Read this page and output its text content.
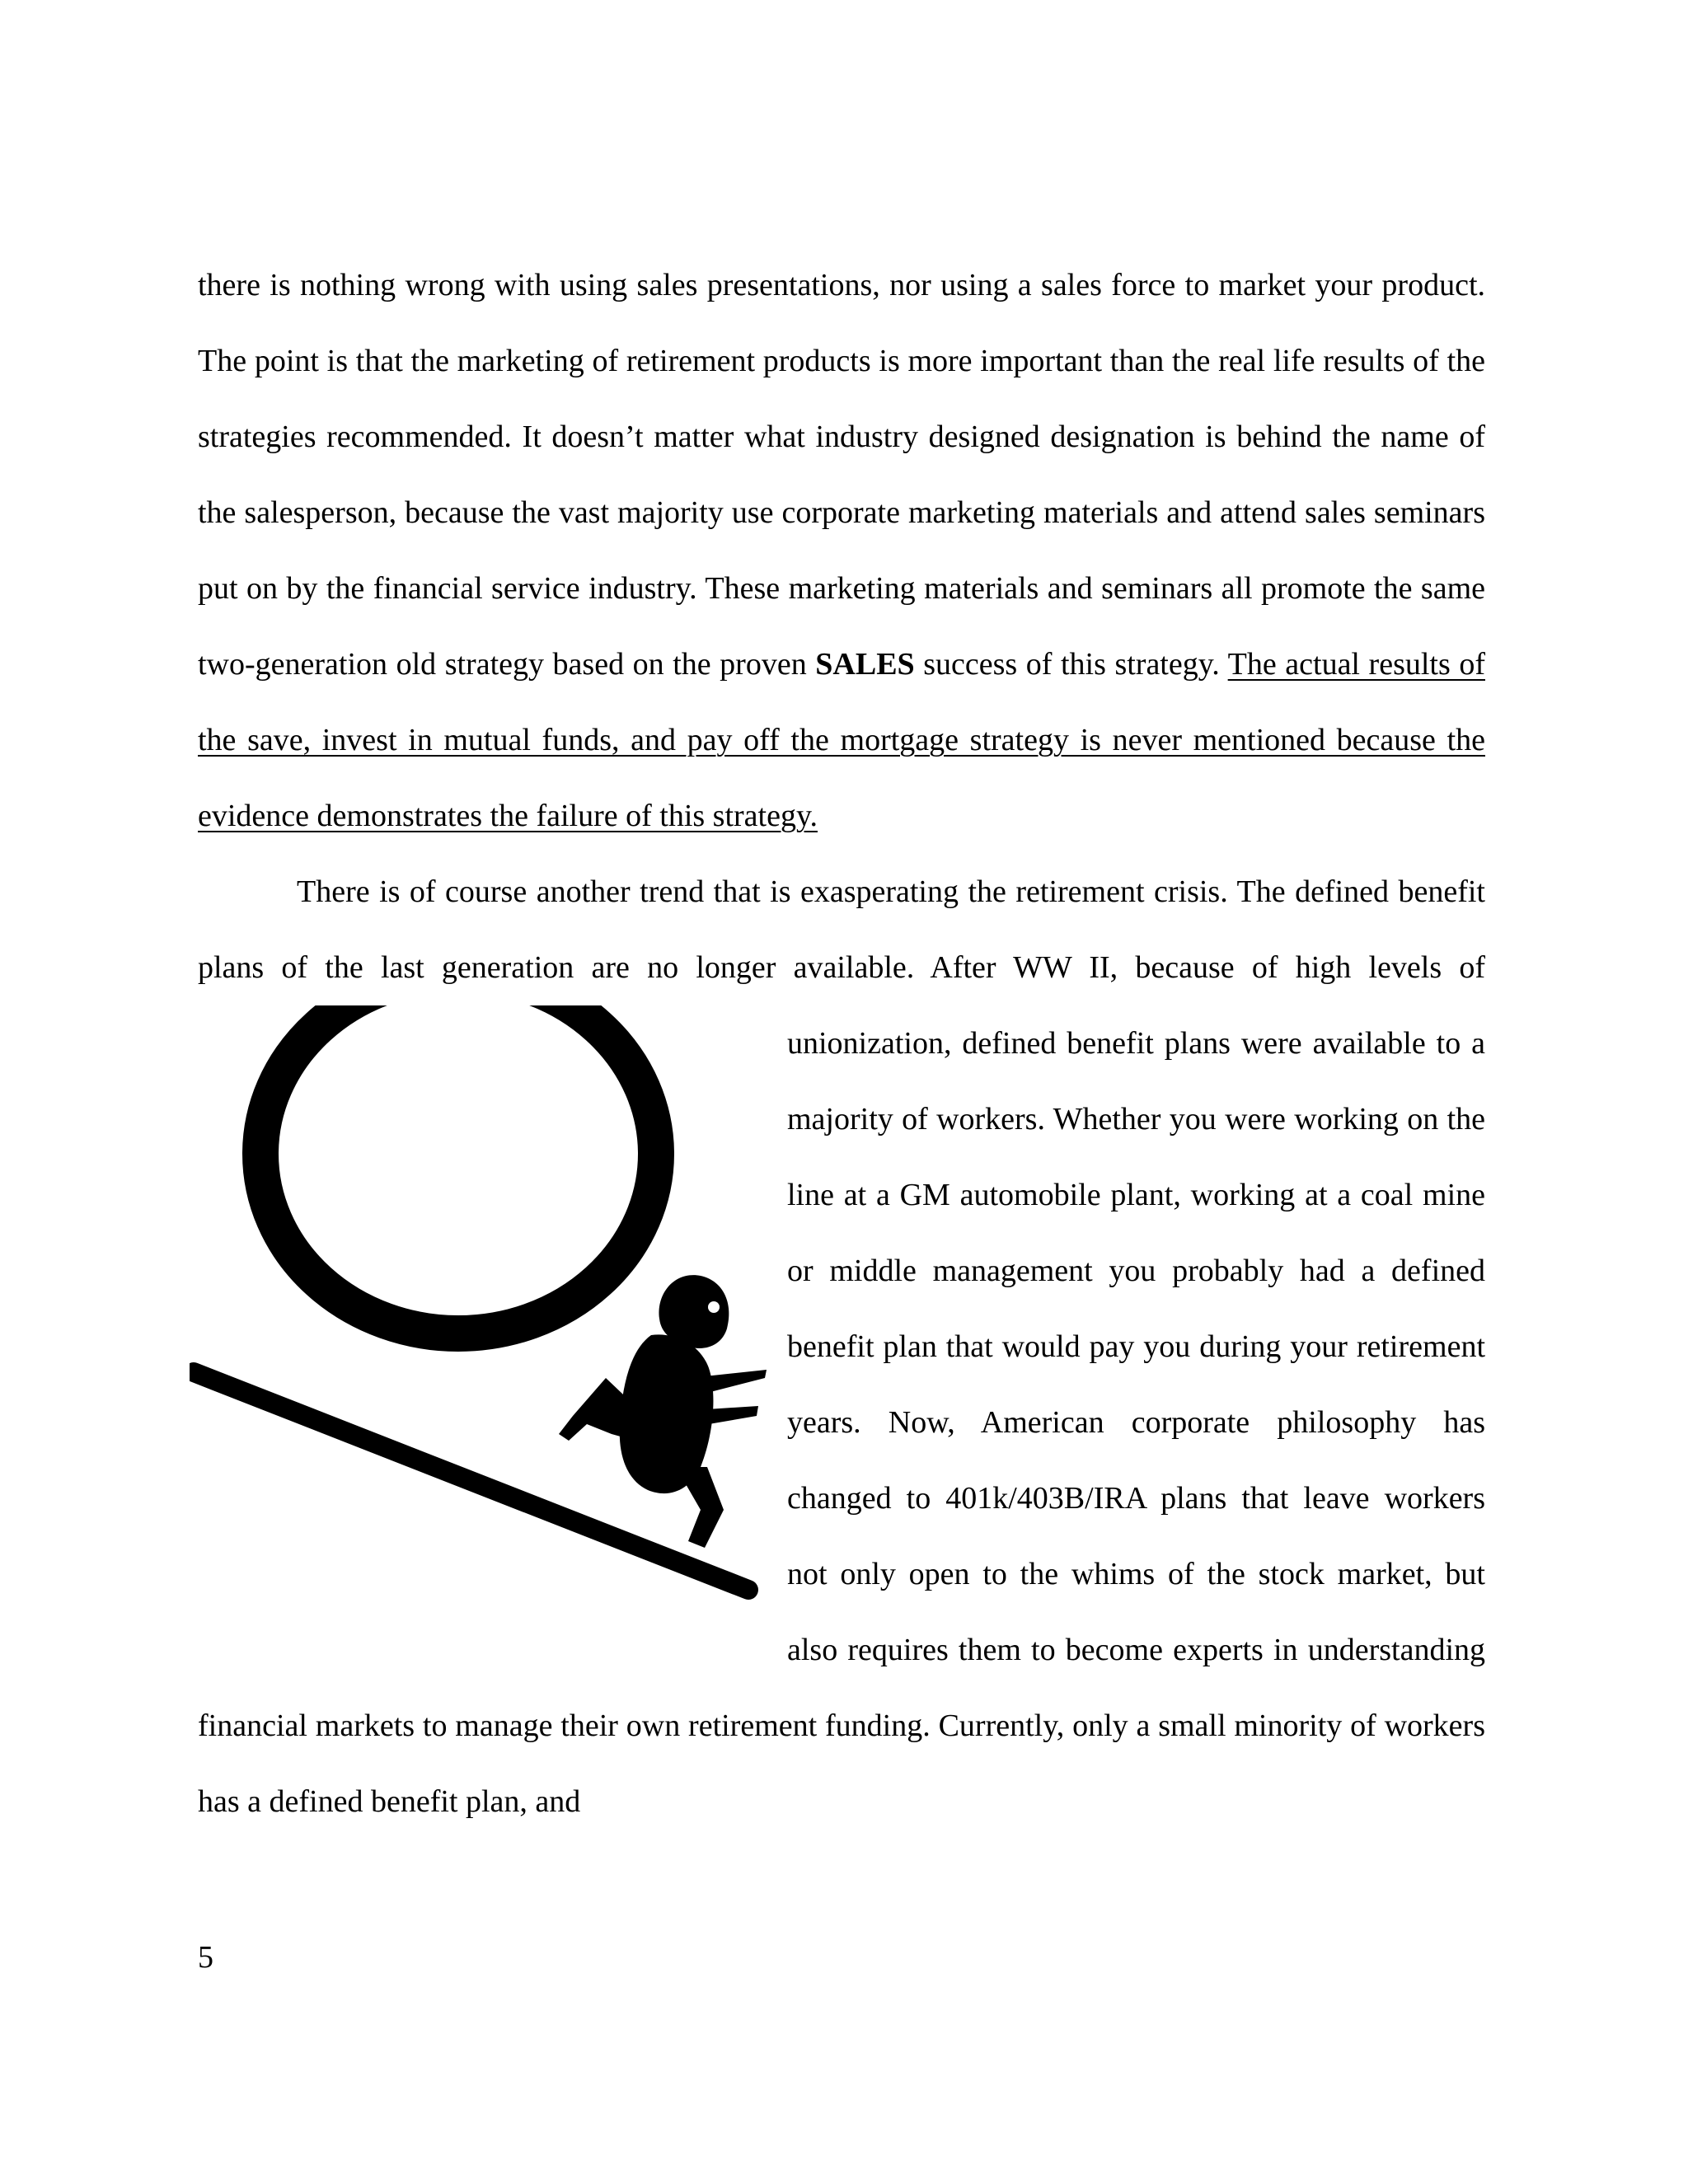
there is nothing wrong with using sales presentations, nor using a sales force to market your product. The point is that the marketing of retirement products is more important than the real life results of the strategies recommended. It doesn’t matter what industry designed designation is behind the name of the salesperson, because the vast majority use corporate marketing materials and attend sales seminars put on by the financial service industry. These marketing materials and seminars all promote the same two-generation old strategy based on the proven SALES success of this strategy. The actual results of the save, invest in mutual funds, and pay off the mortgage strategy is never mentioned because the evidence demonstrates the failure of this strategy.

There is of course another trend that is exasperating the retirement crisis. The defined benefit plans of the last generation are no longer available. After WW II, because of high levels
of unionization, defined benefit plans were available to a majority of workers. Whether you were working on the line at a GM automobile plant, working at a coal mine or middle management you probably had a defined benefit plan that would pay you during your retirement years. Now, American corporate philosophy has changed to 401k/403B/IRA plans that leave workers not only open to the whims of the stock market, but also requires them to become experts in understanding financial markets to manage their own retirement funding. Currently, only a small minority of workers has a defined benefit plan, and

5
